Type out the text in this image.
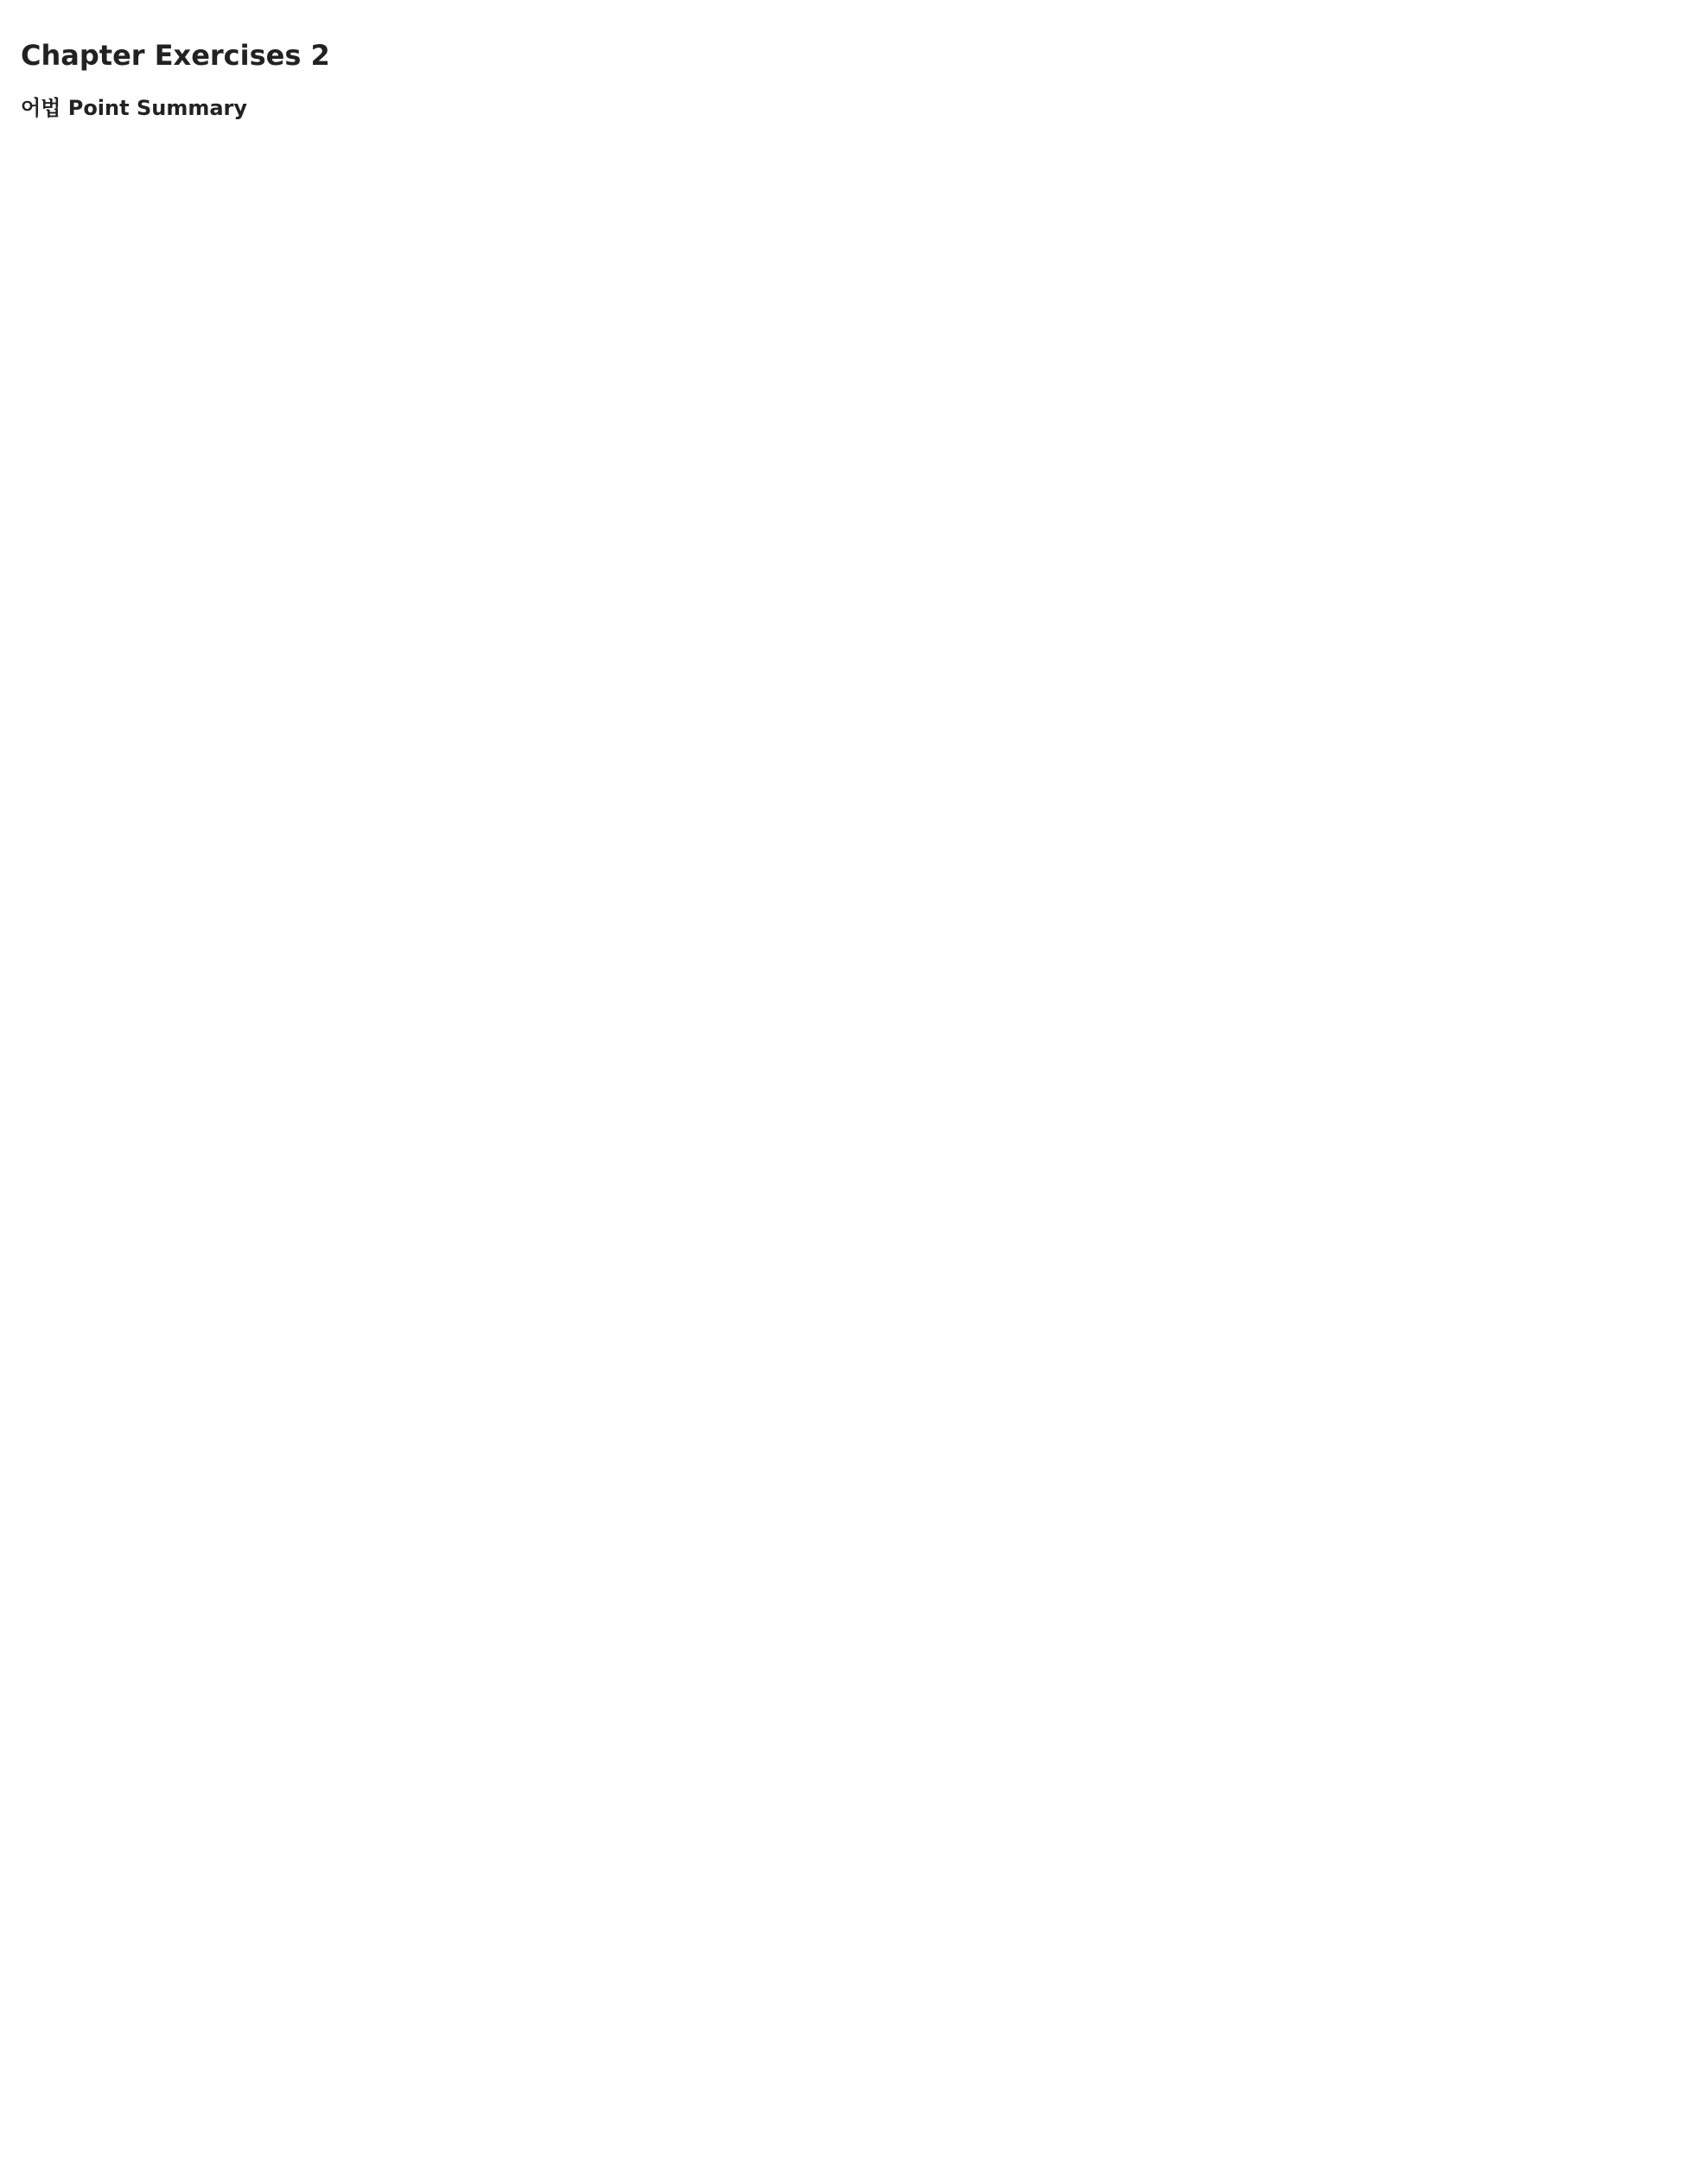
Chapter Exercises 2
어법 Point Summary
